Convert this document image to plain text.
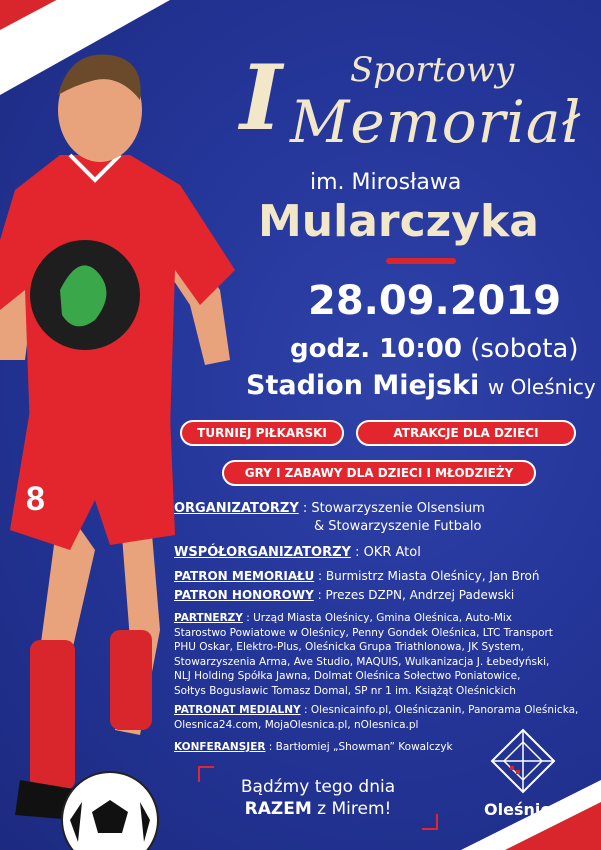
8
I Sportowy
Memoriał
im. Mirosława
Mularczyka
28.09.2019
godz. 10:00 (sobota)
Stadion Miejski w Oleśnicy
TURNIEJ PIŁKARSKI	ATRAKCJE DLA DZIECI
GRY I ZABAWY DLA DZIECI I MŁODZIEŻY
ORGANIZATORZY : Stowarzyszenie Olsensium
& Stowarzyszenie Futbalo
WSPÓŁORGANIZATORZY : OKR Atol
PATRON MEMORIAŁU : Burmistrz Miasta Oleśnicy, Jan Broń
PATRON HONOROWY : Prezes DZPN, Andrzej Padewski
PARTNERZY : Urząd Miasta Oleśnicy, Gmina Oleśnica, Auto-Mix
Starostwo Powiatowe w Oleśnicy, Penny Gondek Oleśnica, LTC Transport
PHU Oskar, Elektro-Plus, Oleśnicka Grupa Triathlonowa, JK System,
Stowarzyszenia Arma, Ave Studio, MAQUIS, Wulkanizacja J. Łebedyński,
NLJ Holding Spółka Jawna, Dolmat Oleśnica Sołectwo Poniatowice,
Sołtys Bogusławic Tomasz Domal, SP nr 1 im. Książąt Oleśnickich
PATRONAT MEDIALNY : Olesnicainfo.pl, Oleśniczanin, Panorama Oleśnicka,
Olesnica24.com, MojaOlesnica.pl, nOlesnica.pl
KONFERANSJER : Bartłomiej „Showman” Kowalczyk
Bądźmy tego dnia
RAZEM z Mirem!	Oleśnica
